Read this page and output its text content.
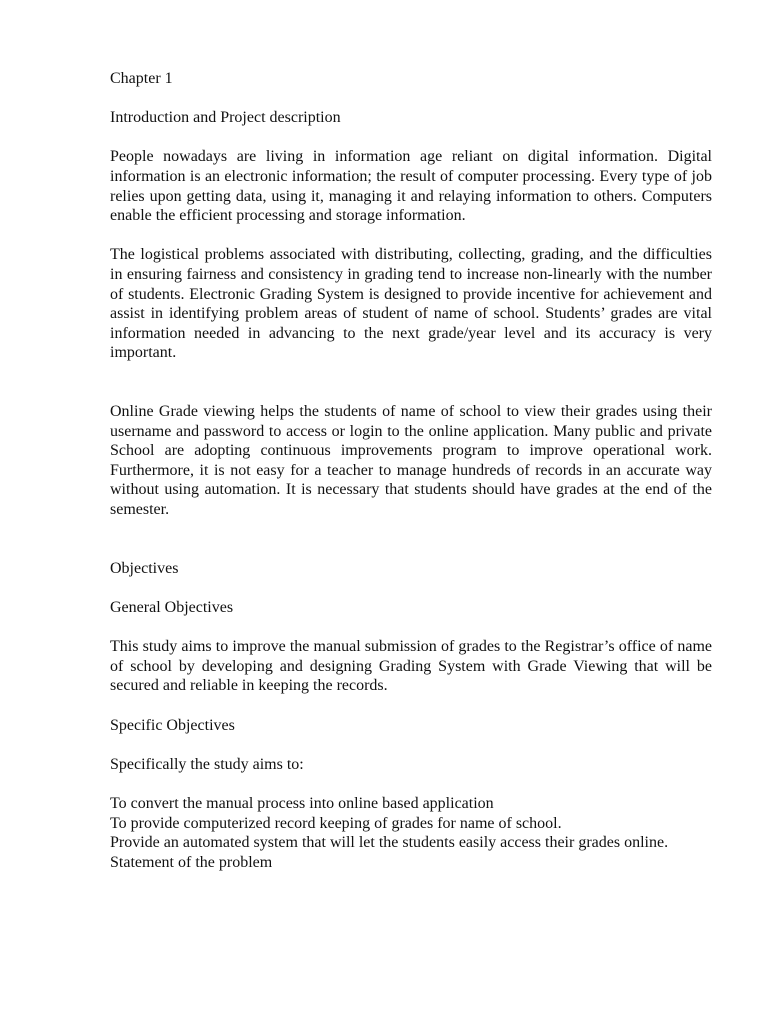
Chapter 1

Introduction and Project description

People nowadays are living in information age reliant on digital information. Digital information is an electronic information; the result of computer processing. Every type of job relies upon getting data, using it, managing it and relaying information to others. Computers enable the efficient processing and storage information.

The logistical problems associated with distributing, collecting, grading, and the difficulties in ensuring fairness and consistency in grading tend to increase non-linearly with the number of students. Electronic Grading System is designed to provide incentive for achievement and assist in identifying problem areas of student of name of school. Students’ grades are vital information needed in advancing to the next grade/year level and its accuracy is very important.

Online Grade viewing helps the students of name of school to view their grades using their username and password to access or login to the online application. Many public and private School are adopting continuous improvements program to improve operational work. Furthermore, it is not easy for a teacher to manage hundreds of records in an accurate way without using automation. It is necessary that students should have grades at the end of the semester.

Objectives

General Objectives

This study aims to improve the manual submission of grades to the Registrar’s office of name of school by developing and designing Grading System with Grade Viewing that will be secured and reliable in keeping the records.

Specific Objectives

Specifically the study aims to:

To convert the manual process into online based application

To provide computerized record keeping of grades for name of school.

Provide an automated system that will let the students easily access their grades online.

Statement of the problem
